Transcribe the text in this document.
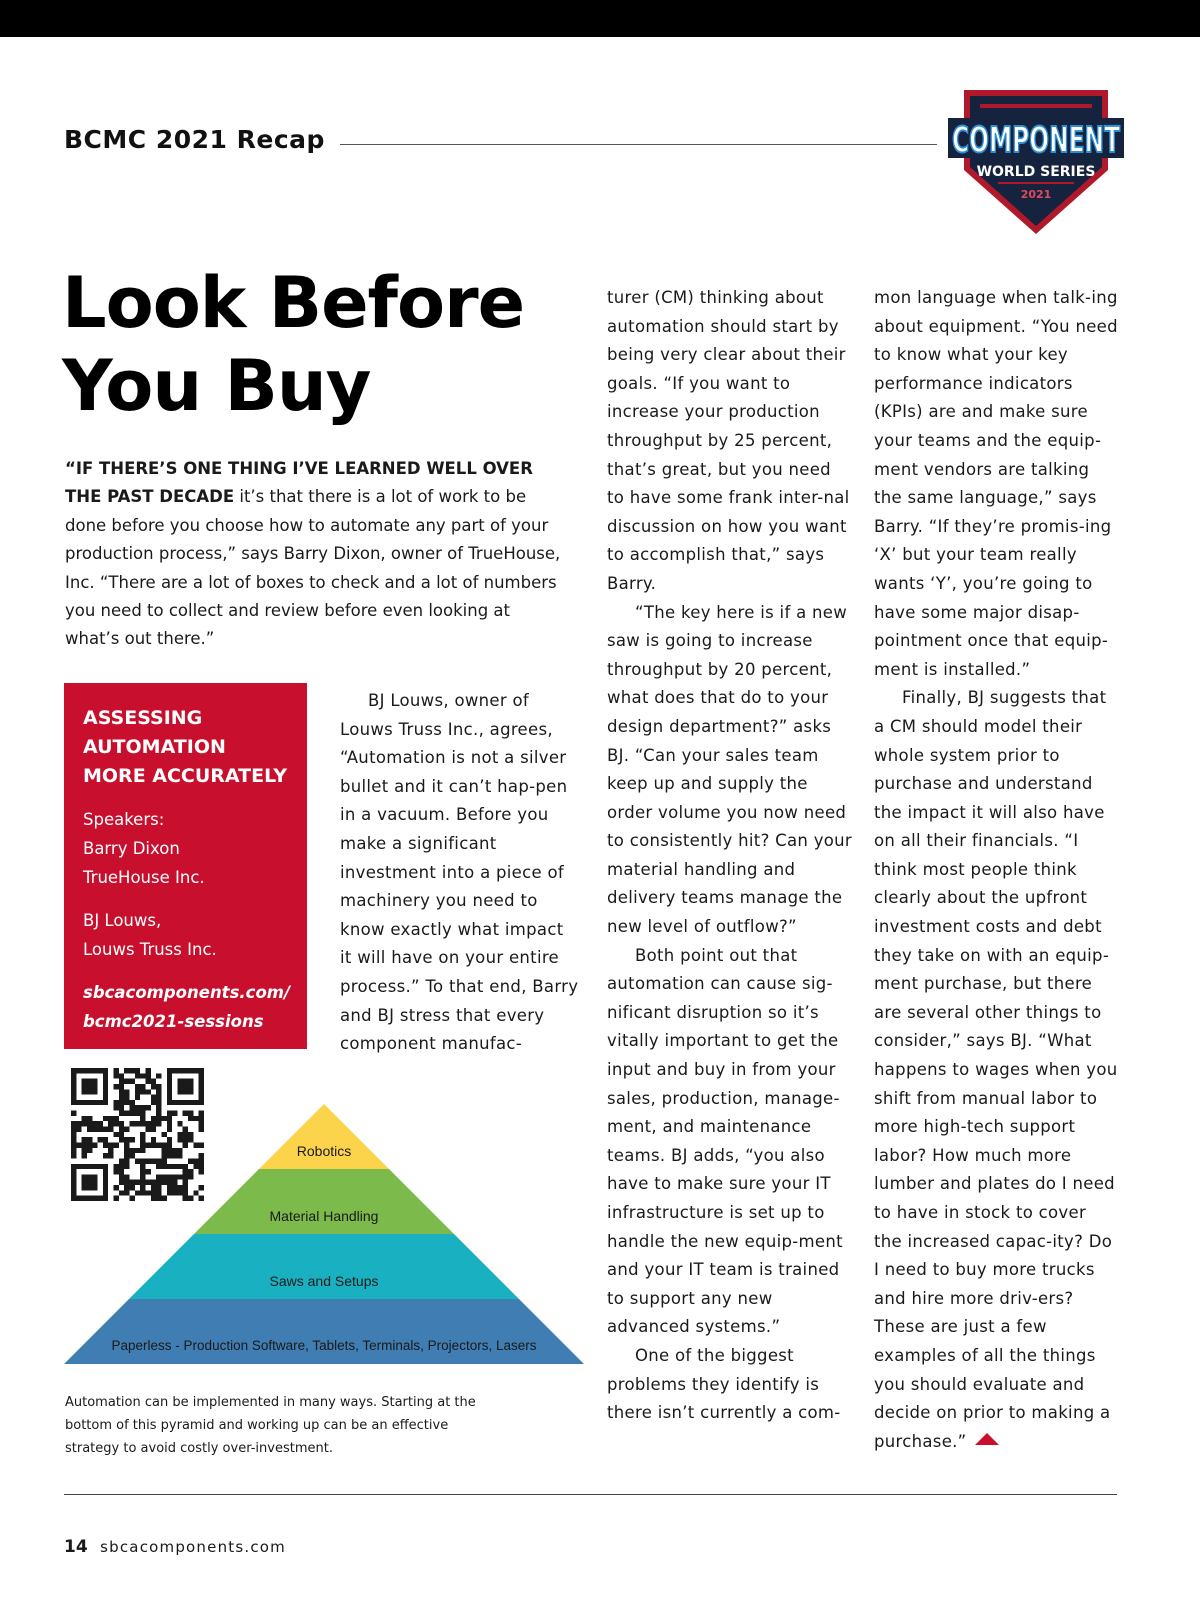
BCMC 2021 Recap	COMPONENT
WORLD SERIES
2021
Look Before
You Buy
“IF THERE’S ONE THING I’VE LEARNED WELL OVER THE PAST DECADE it’s that there is a lot of work to be done before you choose how to automate any part of your production process,” says Barry Dixon, owner of TrueHouse, Inc. “There are a lot of boxes to check and a lot of numbers you need to collect and review before even looking at what’s out there.”
ASSESSING
AUTOMATION
MORE ACCURATELY

Speakers:

Barry Dixon

TrueHouse Inc.

BJ Louws,

Louws Truss Inc.

sbcacomponents.com/
bcmc2021-sessions

BJ Louws, owner of Louws Truss Inc., agrees, “Automation is not a silver bullet and it can’t hap-pen in a vacuum. Before you make a significant investment into a piece of machinery you need to know exactly what impact it will have on your entire process.” To that end, Barry and BJ stress that every component manufac-

turer (CM) thinking about automation should start by being very clear about their goals. “If you want to increase your production throughput by 25 percent, that’s great, but you need to have some frank inter-nal discussion on how you want to accomplish that,” says Barry.

“The key here is if a new saw is going to increase throughput by 20 percent, what does that do to your design department?” asks BJ. “Can your sales team keep up and supply the order volume you now need to consistently hit? Can your material handling and delivery teams manage the new level of outflow?”

Both point out that automation can cause sig-nificant disruption so it’s vitally important to get the input and buy in from your sales, production, manage-ment, and maintenance teams. BJ adds, “you also have to make sure your IT infrastructure is set up to handle the new equip-ment and your IT team is trained to support any new advanced systems.”

One of the biggest problems they identify is there isn’t currently a com-

mon language when talk-ing about equipment. “You need to know what your key performance indicators (KPIs) are and make sure your teams and the equip-ment vendors are talking the same language,” says Barry. “If they’re promis-ing ‘X’ but your team really wants ‘Y’, you’re going to have some major disap-pointment once that equip-ment is installed.”

Finally, BJ suggests that a CM should model their whole system prior to purchase and understand the impact it will also have on all their financials. “I think most people think clearly about the upfront investment costs and debt they take on with an equip-ment purchase, but there are several other things to consider,” says BJ. “What happens to wages when you shift from manual labor to more high-tech support labor? How much more lumber and plates do I need to have in stock to cover the increased capac-ity? Do I need to buy more trucks and hire more driv-ers? These are just a few examples of all the things you should evaluate and decide on prior to making a purchase.”

Robotics
Material Handling
Saws and Setups
Paperless - Production Software, Tablets, Terminals, Projectors, Lasers
Automation can be implemented in many ways. Starting at the bottom of this pyramid and working up can be an effective strategy to avoid costly over-investment.
14 sbcacomponents.com
